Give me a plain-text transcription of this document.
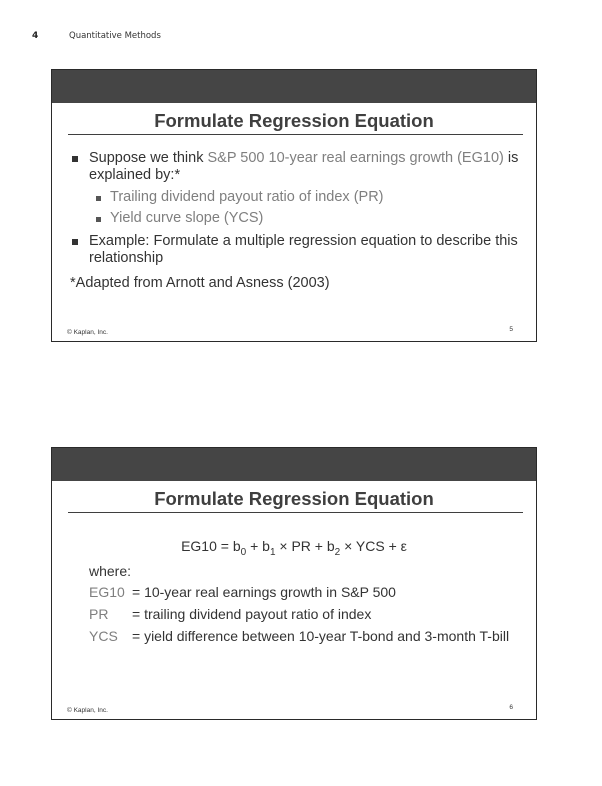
4	Quantitative Methods
Formulate Regression Equation
Suppose we think S&P 500 10-year real earnings growth (EG10) is
explained by:*
Trailing dividend payout ratio of index (PR)
Yield curve slope (YCS)
Example: Formulate a multiple regression equation to describe this
relationship
*Adapted from Arnott and Asness (2003)
© Kaplan, Inc.	5
Formulate Regression Equation
$EG10 = b_0 + b_1$ × PR + $b_2$ × YCS + ε
where:
EG10 = 10-year real earnings growth in S&P 500
PR = trailing dividend payout ratio of index
YCS = yield difference between 10-year T-bond and 3-month T-bill
© Kaplan, Inc.	6
